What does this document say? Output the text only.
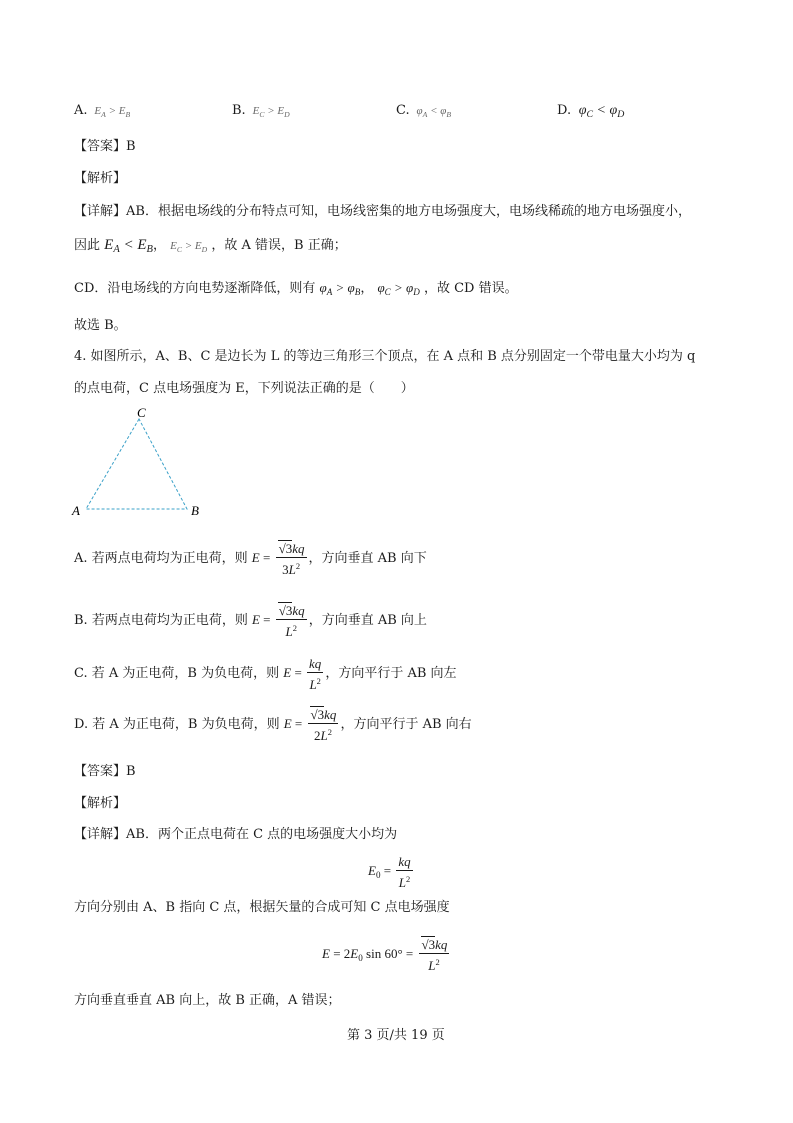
A.  $E_A > E_B$	B.  $E_C > E_D$	C.  $\varphi_A < \varphi_B$	D.  $\varphi_C < \varphi_D$
【答案】B
【解析】
【详解】AB．根据电场线的分布特点可知，电场线密集的地方电场强度大，电场线稀疏的地方电场强度小，
因此 $E_A < E_B$， $E_C > E_D$ ，故 A 错误，B 正确；
CD．沿电场线的方向电势逐渐降低，则有 $\varphi_A > \varphi_B$， $\varphi_C > \varphi_D$ ，故 CD 错误。
故选 B。
4. 如图所示，A、B、C 是边长为 L 的等边三角形三个顶点，在 A 点和 B 点分别固定一个带电量大小均为 q
的点电荷，C 点电场强度为 E，下列说法正确的是（　　）
C
A	B
A. 若两点电荷均为正电荷，则 $E = \frac{√3kq}{3L^2}$ ，方向垂直 AB 向下
B. 若两点电荷均为正电荷，则 $E = \frac{√3kq}{L^2}$ ，方向垂直 AB 向上
C. 若 A 为正电荷，B 为负电荷，则 $E = \frac{kq}{L^2}$ ，方向平行于 AB 向左
D. 若 A 为正电荷，B 为负电荷，则 $E = \frac{√3kq}{2L^2}$ ，方向平行于 AB 向右
【答案】B
【解析】
【详解】AB．两个正点电荷在 C 点的电场强度大小均为
$E_0 = \frac{kq}{L^2}$
方向分别由 A、B 指向 C 点，根据矢量的合成可知 C 点电场强度
$E = 2E_0$ $\sin 60^\circ = \frac{√3kq}{L^2}$
方向垂直垂直 AB 向上，故 B 正确，A 错误；
第 3 页/共 19 页
